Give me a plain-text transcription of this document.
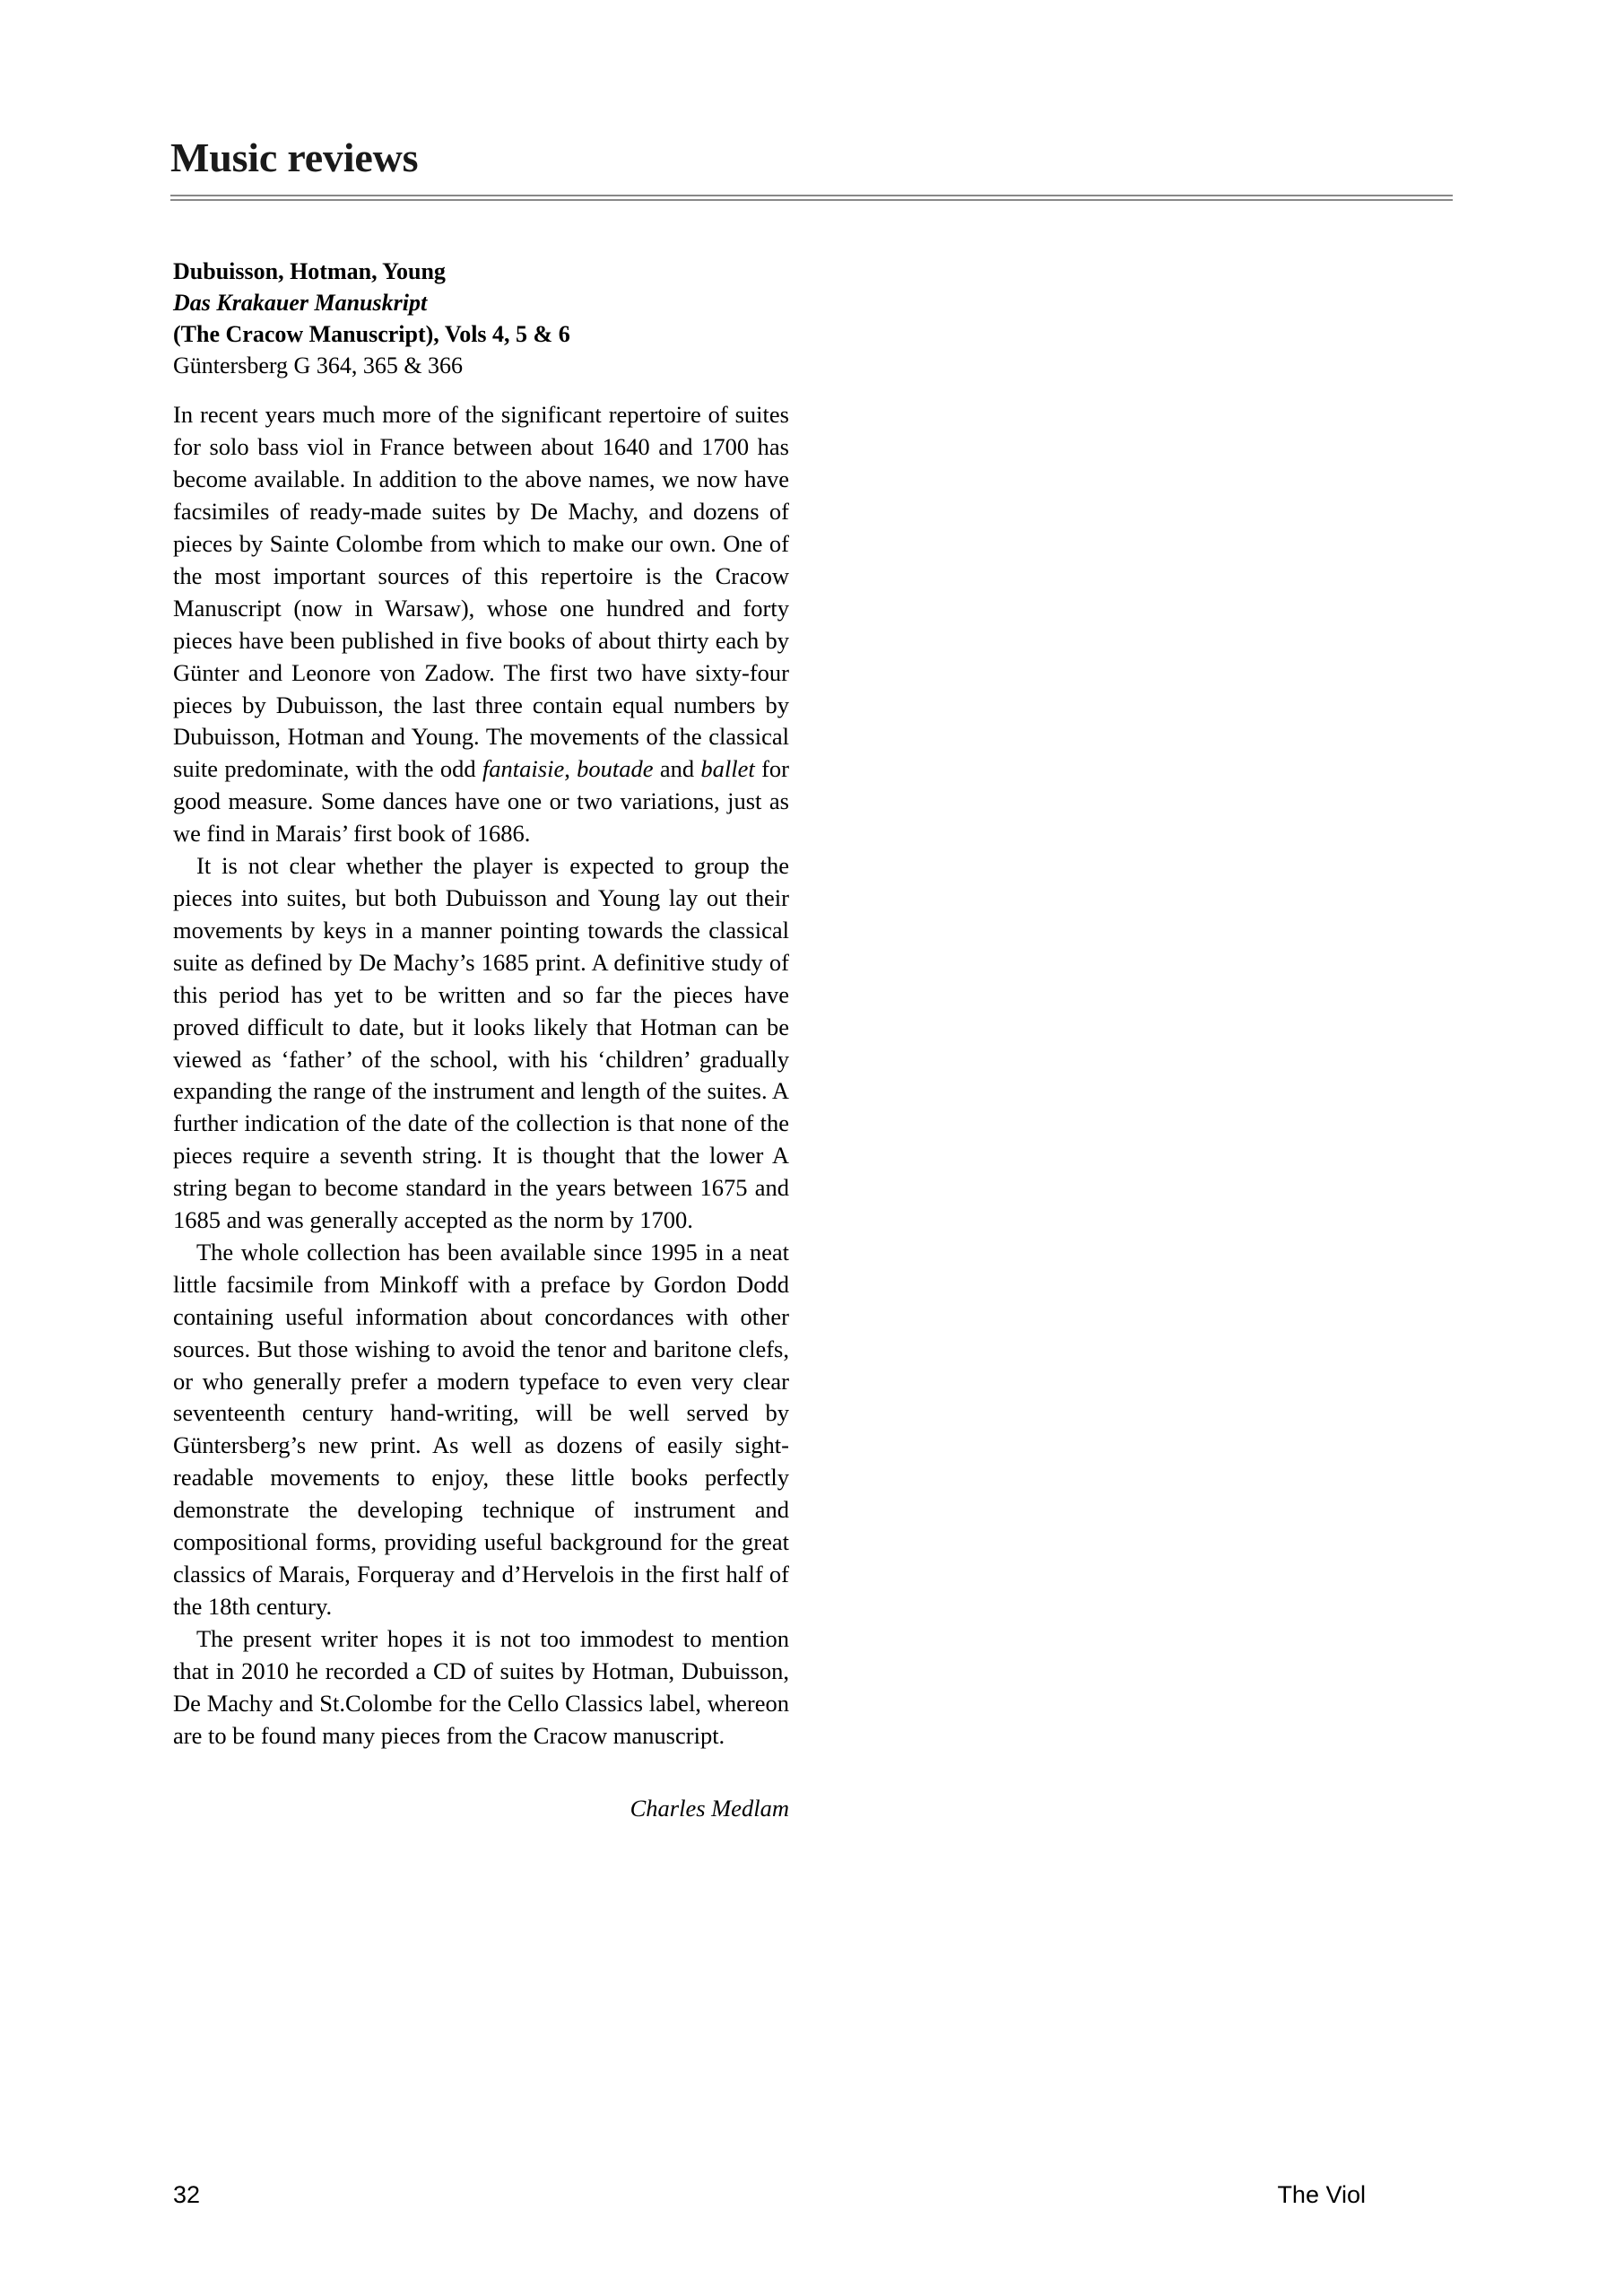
Music reviews
Dubuisson, Hotman, Young
Das Krakauer Manuskript
(The Cracow Manuscript), Vols 4, 5 & 6
Güntersberg G 364, 365 & 366

In recent years much more of the significant repertoire of suites for solo bass viol in France between about 1640 and 1700 has become available. In addition to the above names, we now have facsimiles of ready-made suites by De Machy, and dozens of pieces by Sainte Colombe from which to make our own. One of the most important sources of this repertoire is the Cracow Manuscript (now in Warsaw), whose one hundred and forty pieces have been published in five books of about thirty each by Günter and Leonore von Zadow. The first two have sixty-four pieces by Dubuisson, the last three contain equal numbers by Dubuisson, Hotman and Young. The movements of the classical suite predominate, with the odd fantaisie, boutade and ballet for good measure. Some dances have one or two variations, just as we find in Marais’ first book of 1686.

It is not clear whether the player is expected to group the pieces into suites, but both Dubuisson and Young lay out their movements by keys in a manner pointing towards the classical suite as defined by De Machy’s 1685 print. A definitive study of this period has yet to be written and so far the pieces have proved difficult to date, but it looks likely that Hotman can be viewed as ‘father’ of the school, with his ‘children’ gradually expanding the range of the instrument and length of the suites. A further indication of the date of the collection is that none of the pieces require a seventh string. It is thought that the lower A string began to become standard in the years between 1675 and 1685 and was generally accepted as the norm by 1700.

The whole collection has been available since 1995 in a neat little facsimile from Minkoff with a preface by Gordon Dodd containing useful information about concordances with other sources. But those wishing to avoid the tenor and baritone clefs, or who generally prefer a modern typeface to even very clear seventeenth century hand-writing, will be well served by Güntersberg’s new print. As well as dozens of easily sight-readable movements to enjoy, these little books perfectly demonstrate the developing technique of instrument and compositional forms, providing useful background for the great classics of Marais, Forqueray and d’Hervelois in the first half of the 18th century.

The present writer hopes it is not too immodest to mention that in 2010 he recorded a CD of suites by Hotman, Dubuisson, De Machy and St.Colombe for the Cello Classics label, whereon are to be found many pieces from the Cracow manuscript.

Charles Medlam
32	The Viol
